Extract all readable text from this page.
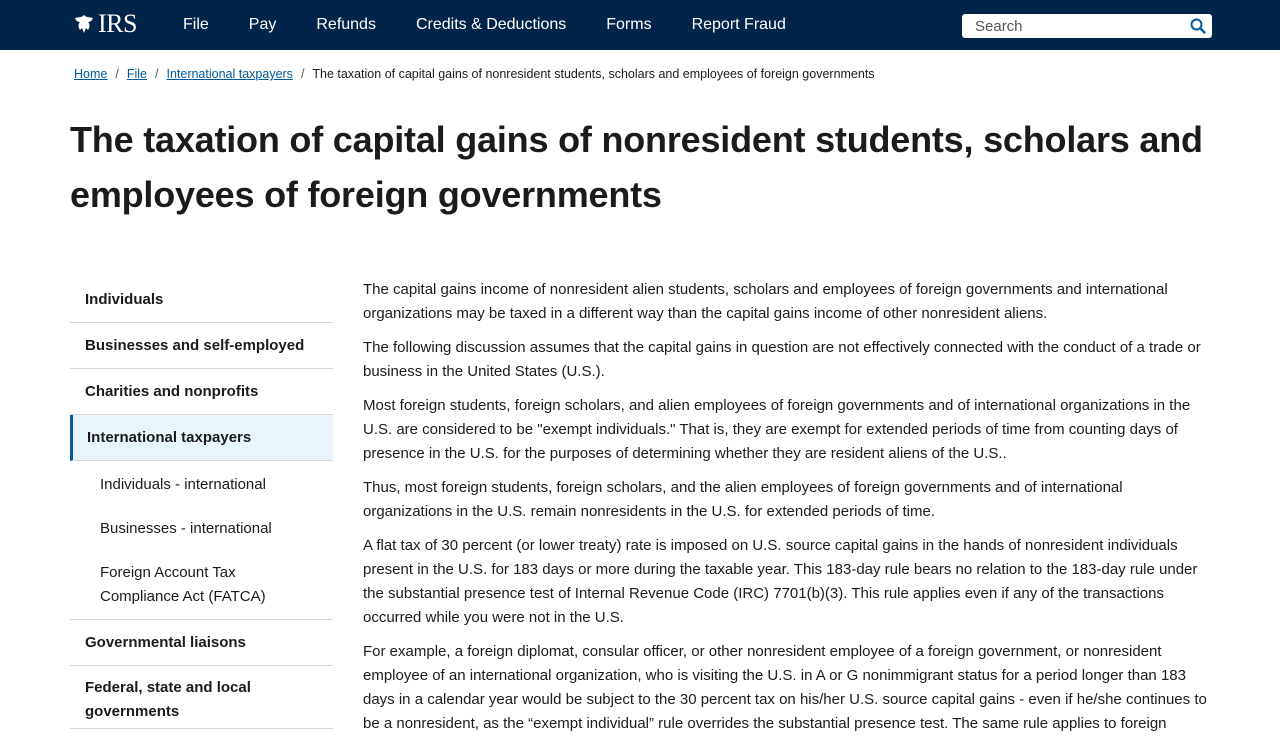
IRS	File	Pay	Refunds	Credits & Deductions	Forms	Report Fraud
Search
Home / File / International taxpayers / The taxation of capital gains of nonresident students, scholars and employees of foreign governments
The taxation of capital gains of nonresident students, scholars and employees of foreign governments
Individuals
Businesses and self-employed
Charities and nonprofits
International taxpayers
Individuals - international
Businesses - international
Foreign Account Tax Compliance Act (FATCA)
Governmental liaisons
Federal, state and local governments

The capital gains income of nonresident alien students, scholars and employees of foreign governments and international organizations may be taxed in a different way than the capital gains income of other nonresident aliens.

The following discussion assumes that the capital gains in question are not effectively connected with the conduct of a trade or business in the United States (U.S.).

Most foreign students, foreign scholars, and alien employees of foreign governments and of international organizations in the U.S. are considered to be "exempt individuals." That is, they are exempt for extended periods of time from counting days of presence in the U.S. for the purposes of determining whether they are resident aliens of the U.S..

Thus, most foreign students, foreign scholars, and the alien employees of foreign governments and of international organizations in the U.S. remain nonresidents in the U.S. for extended periods of time.

A flat tax of 30 percent (or lower treaty) rate is imposed on U.S. source capital gains in the hands of nonresident individuals present in the U.S. for 183 days or more during the taxable year. This 183-day rule bears no relation to the 183-day rule under the substantial presence test of Internal Revenue Code (IRC) 7701(b)(3). This rule applies even if any of the transactions occurred while you were not in the U.S.

For example, a foreign diplomat, consular officer, or other nonresident employee of a foreign government, or nonresident employee of an international organization, who is visiting the U.S. in A or G nonimmigrant status for a period longer than 183 days in a calendar year would be subject to the 30 percent tax on his/her U.S. source capital gains - even if he/she continues to be a nonresident, as the “exempt individual” rule overrides the substantial presence test. The same rule applies to foreign
